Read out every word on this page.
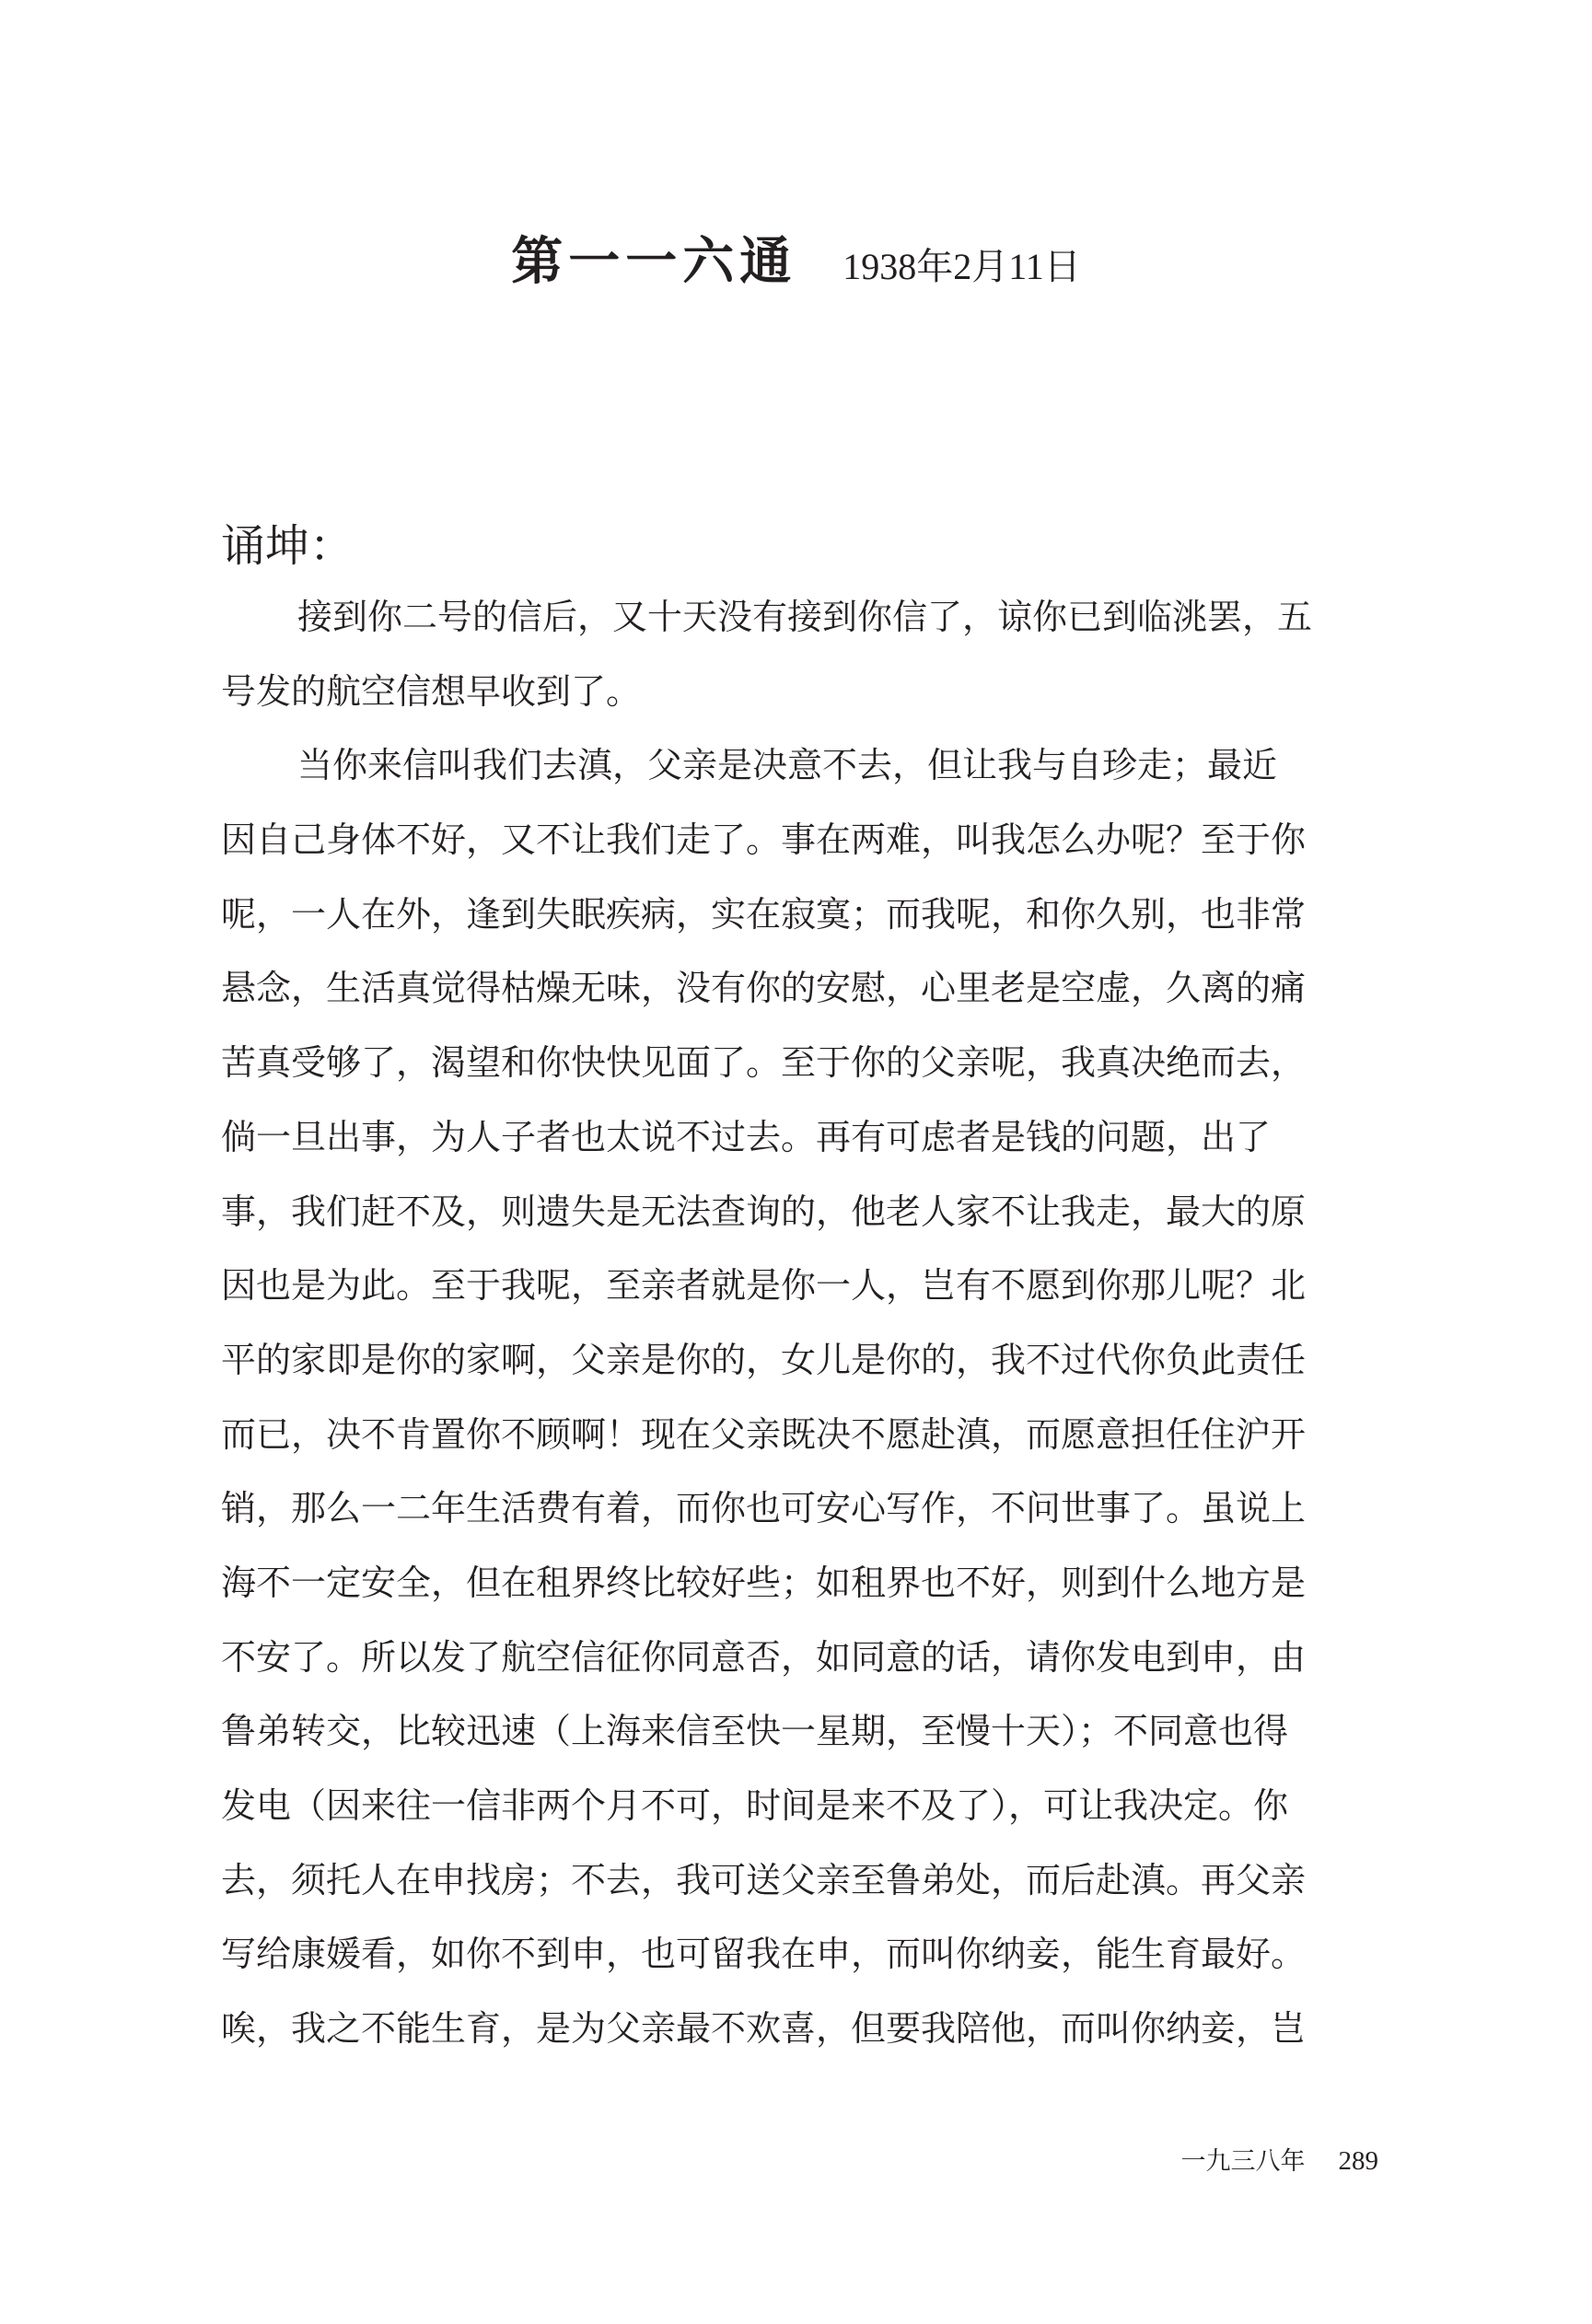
第一一六通 1938年2月11日

诵坤：

接到你二号的信后，又十天没有接到你信了，谅你已到临洮罢，五
号发的航空信想早收到了。
当你来信叫我们去滇，父亲是决意不去，但让我与自珍走；最近
因自己身体不好，又不让我们走了。事在两难，叫我怎么办呢？至于你
呢，一人在外，逢到失眠疾病，实在寂寞；而我呢，和你久别，也非常
悬念，生活真觉得枯燥无味，没有你的安慰，心里老是空虚，久离的痛
苦真受够了，渴望和你快快见面了。至于你的父亲呢，我真决绝而去，
倘一旦出事，为人子者也太说不过去。再有可虑者是钱的问题，出了
事，我们赶不及，则遗失是无法查询的，他老人家不让我走，最大的原
因也是为此。至于我呢，至亲者就是你一人，岂有不愿到你那儿呢？北
平的家即是你的家啊，父亲是你的，女儿是你的，我不过代你负此责任
而已，决不肯置你不顾啊！现在父亲既决不愿赴滇，而愿意担任住沪开
销，那么一二年生活费有着，而你也可安心写作，不问世事了。虽说上
海不一定安全，但在租界终比较好些；如租界也不好，则到什么地方是
不安了。所以发了航空信征你同意否，如同意的话，请你发电到申，由
鲁弟转交，比较迅速（上海来信至快一星期，至慢十天）；不同意也得
发电（因来往一信非两个月不可，时间是来不及了），可让我决定。你
去，须托人在申找房；不去，我可送父亲至鲁弟处，而后赴滇。再父亲
写给康媛看，如你不到申，也可留我在申，而叫你纳妾，能生育最好。
唉，我之不能生育，是为父亲最不欢喜，但要我陪他，而叫你纳妾，岂
一九三八年 289
